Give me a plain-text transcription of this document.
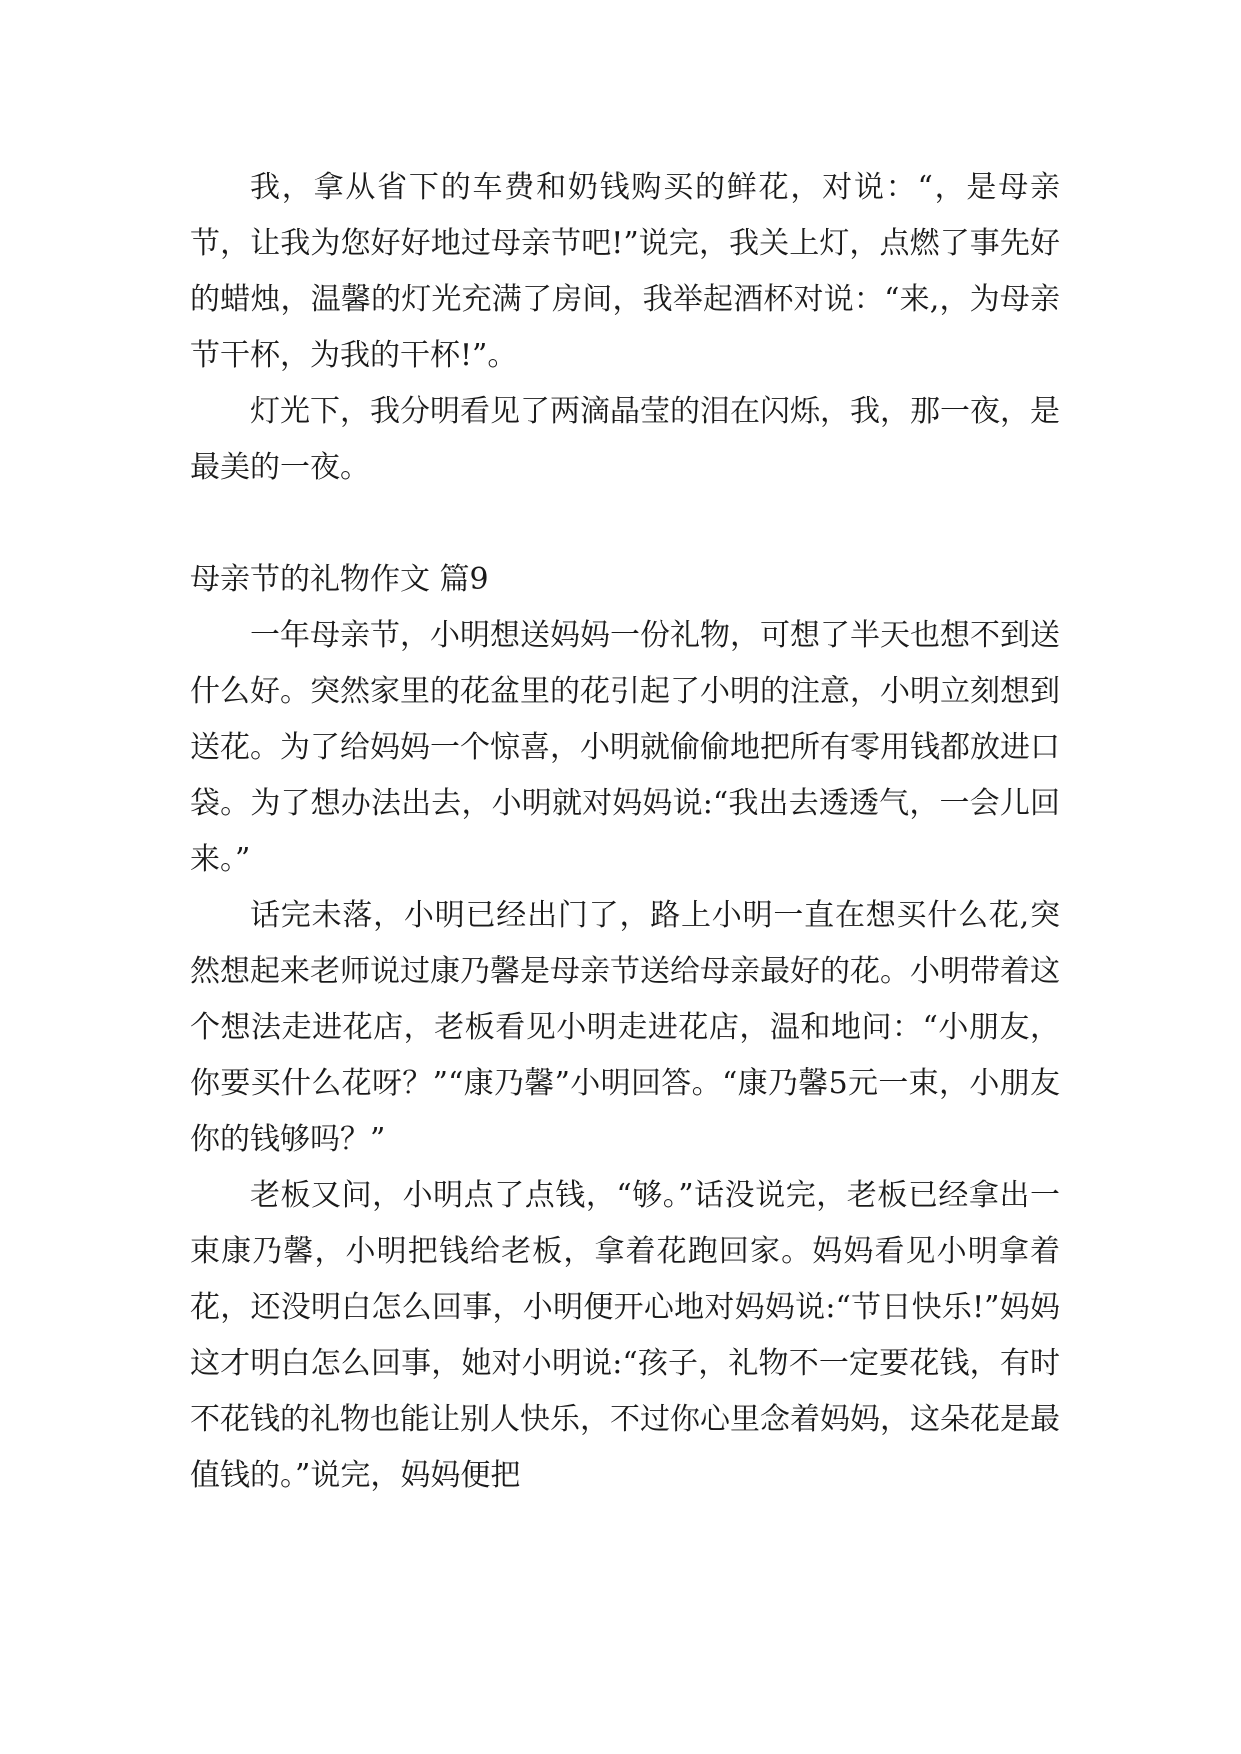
我，拿从省下的车费和奶钱购买的鲜花，对说：“，是母亲节，让我为您好好地过母亲节吧!”说完，我关上灯，点燃了事先好的蜡烛，温馨的灯光充满了房间，我举起酒杯对说：“来,，为母亲节干杯，为我的干杯!”。

灯光下，我分明看见了两滴晶莹的泪在闪烁，我，那一夜，是最美的一夜。

母亲节的礼物作文 篇9

一年母亲节，小明想送妈妈一份礼物，可想了半天也想不到送什么好。突然家里的花盆里的花引起了小明的注意，小明立刻想到送花。为了给妈妈一个惊喜，小明就偷偷地把所有零用钱都放进口袋。为了想办法出去，小明就对妈妈说:“我出去透透气，一会儿回来。”

话完未落，小明已经出门了，路上小明一直在想买什么花,突然想起来老师说过康乃馨是母亲节送给母亲最好的花。小明带着这个想法走进花店，老板看见小明走进花店，温和地问：“小朋友，你要买什么花呀？”“康乃馨”小明回答。“康乃馨5元一束，小朋友你的钱够吗？”

老板又问，小明点了点钱，“够。”话没说完，老板已经拿出一束康乃馨，小明把钱给老板，拿着花跑回家。妈妈看见小明拿着花，还没明白怎么回事，小明便开心地对妈妈说:“节日快乐!”妈妈这才明白怎么回事，她对小明说:“孩子，礼物不一定要花钱，有时不花钱的礼物也能让别人快乐，不过你心里念着妈妈，这朵花是最值钱的。”说完，妈妈便把
